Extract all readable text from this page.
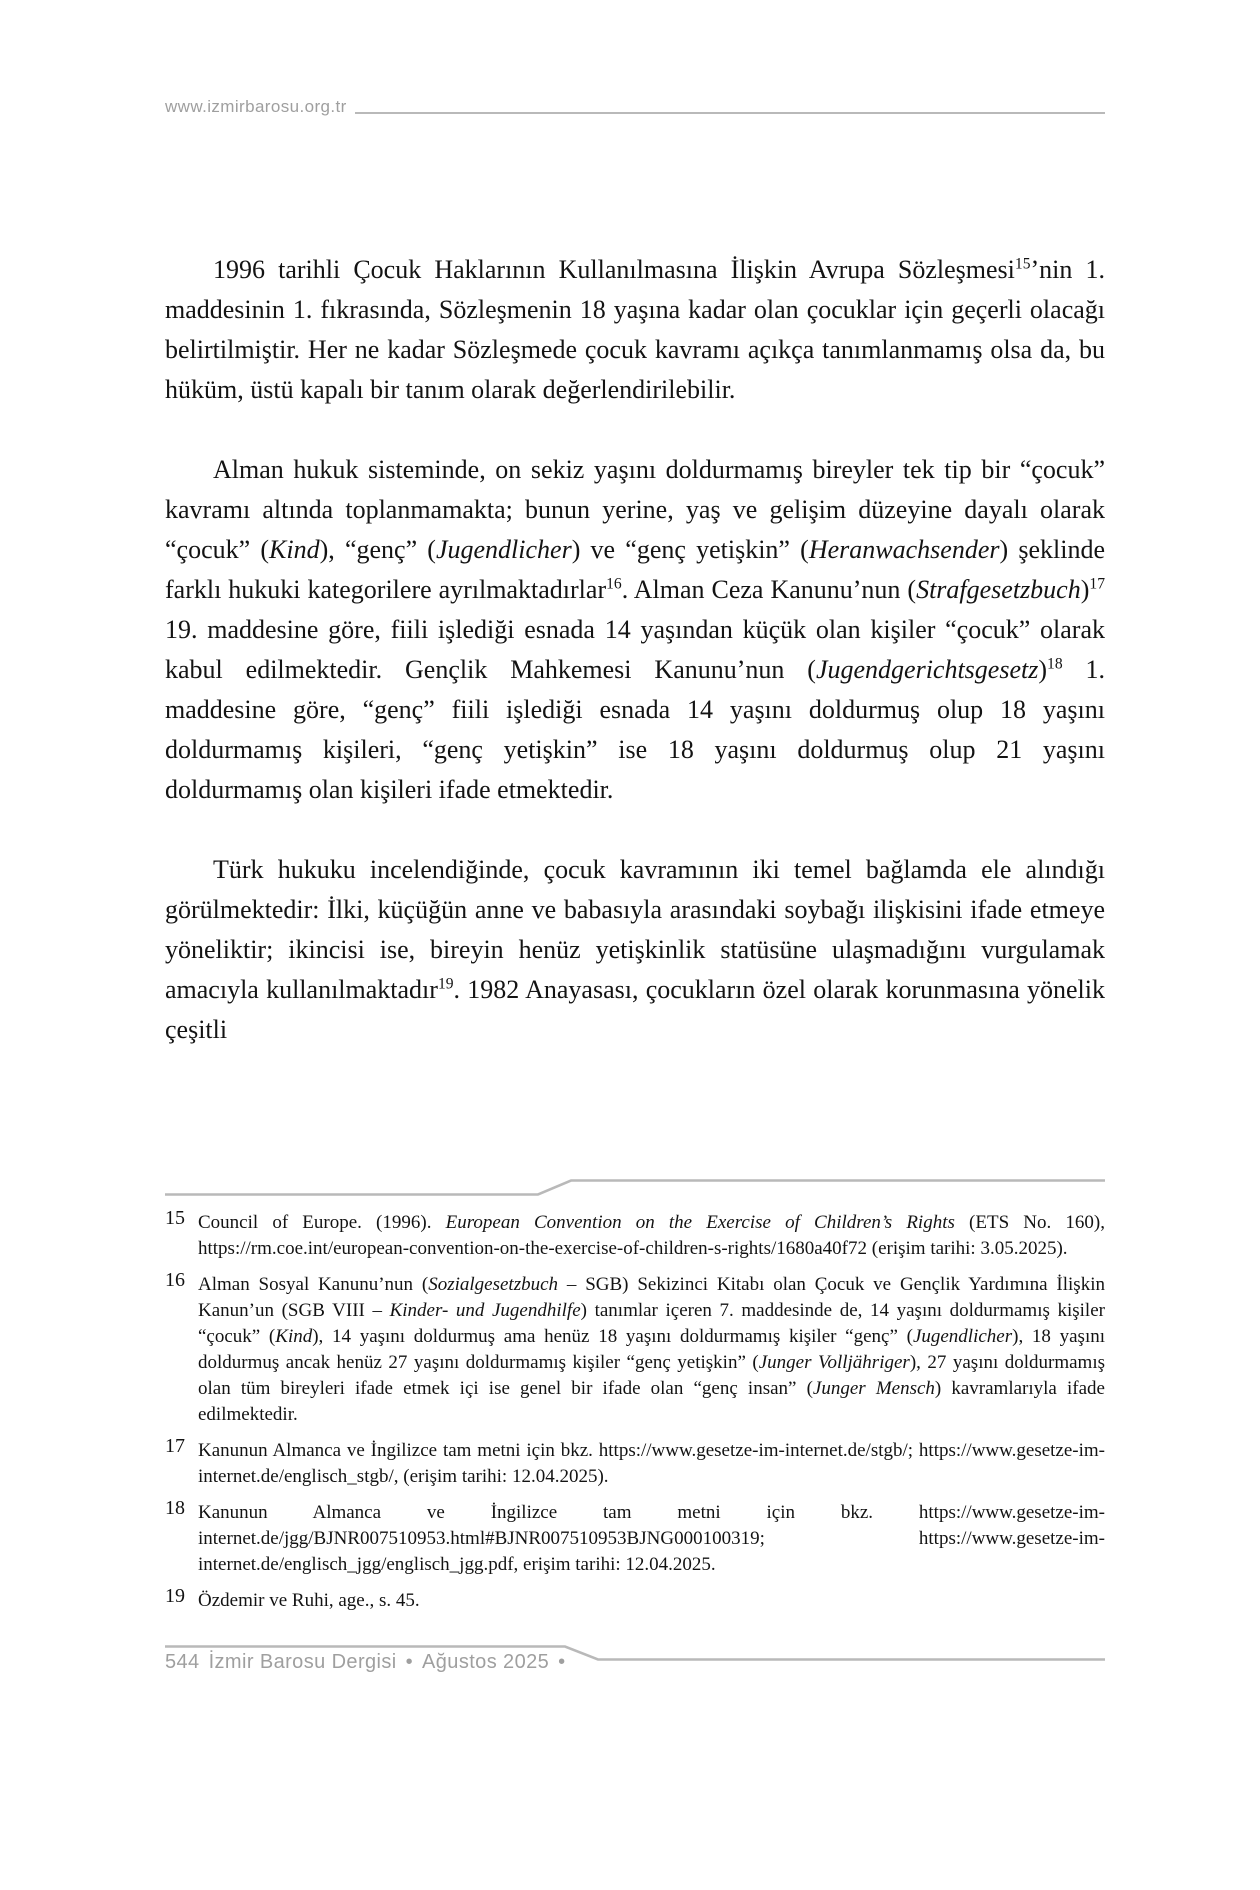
www.izmirbarosu.org.tr

1996 tarihli Çocuk Haklarının Kullanılmasına İlişkin Avrupa Sözleşmesi$^{15}$’nin 1. maddesinin 1. fıkrasında, Sözleşmenin 18 yaşına kadar olan çocuklar için geçerli olacağı belirtilmiştir. Her ne kadar Sözleşmede çocuk kavramı açıkça tanımlanmamış olsa da, bu hüküm, üstü kapalı bir tanım olarak değerlendirilebilir.

Alman hukuk sisteminde, on sekiz yaşını doldurmamış bireyler tek tip bir “çocuk” kavramı altında toplanmamakta; bunun yerine, yaş ve gelişim düzeyine dayalı olarak “çocuk” (Kind), “genç” (Jugendlicher) ve “genç yetişkin” (Heranwachsender) şeklinde farklı hukuki kategorilere ayrılmaktadırlar$^{16}$. Alman Ceza Kanunu’nun (Strafgesetzbuch)$^{17}$ 19. maddesine göre, fiili işlediği esnada 14 yaşından küçük olan kişiler “çocuk” olarak kabul edilmektedir. Gençlik Mahkemesi Kanunu’nun (Jugendgerichtsgesetz)$^{18}$ 1. maddesine göre, “genç” fiili işlediği esnada 14 yaşını doldurmuş olup 18 yaşını doldurmamış kişileri, “genç yetişkin” ise 18 yaşını doldurmuş olup 21 yaşını doldurmamış olan kişileri ifade etmektedir.

Türk hukuku incelendiğinde, çocuk kavramının iki temel bağlamda ele alındığı görülmektedir: İlki, küçüğün anne ve babasıyla arasındaki soybağı ilişkisini ifade etmeye yöneliktir; ikincisi ise, bireyin henüz yetişkinlik statüsüne ulaşmadığını vurgulamak amacıyla kullanılmaktadır$^{19}$. 1982 Anayasası, çocukların özel olarak korunmasına yönelik çeşitli

15 Council of Europe. (1996). European Convention on the Exercise of Children’s Rights (ETS No. 160), https://rm.coe.int/european-convention-on-the-exercise-of-children-s-rights/1680a40f72 (erişim tarihi: 3.05.2025).
16 Alman Sosyal Kanunu’nun (Sozialgesetzbuch – SGB) Sekizinci Kitabı olan Çocuk ve Gençlik Yardımına İlişkin Kanun’un (SGB VIII – Kinder- und Jugendhilfe) tanımlar içeren 7. maddesinde de, 14 yaşını doldurmamış kişiler “çocuk” (Kind), 14 yaşını doldurmuş ama henüz 18 yaşını doldurmamış kişiler “genç” (Jugendlicher), 18 yaşını doldurmuş ancak henüz 27 yaşını doldurmamış kişiler “genç yetişkin” (Junger Volljähriger), 27 yaşını doldurmamış olan tüm bireyleri ifade etmek içi ise genel bir ifade olan “genç insan” (Junger Mensch) kavramlarıyla ifade edilmektedir.
17 Kanunun Almanca ve İngilizce tam metni için bkz. https://www.gesetze-im-internet.de/stgb/; https://www.gesetze-im-internet.de/englisch_stgb/, (erişim tarihi: 12.04.2025).
18 Kanunun Almanca ve İngilizce tam metni için bkz. https://www.gesetze-im-internet.de/jgg/BJNR007510953.html#BJNR007510953BJNG000100319; https://www.gesetze-im-internet.de/englisch_jgg/englisch_jgg.pdf, erişim tarihi: 12.04.2025.
19 Özdemir ve Ruhi, age., s. 45.
544 İzmir Barosu Dergisi • Ağustos 2025 •
